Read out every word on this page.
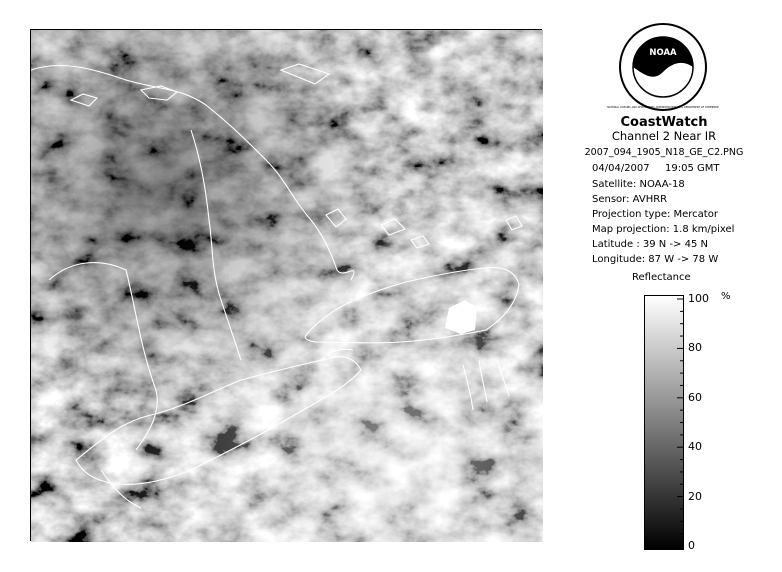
NOAA
NATIONAL OCEANIC AND ATMOSPHERIC ADMINISTRATION · U.S. DEPARTMENT OF COMMERCE
CoastWatch
Channel 2 Near IR
2007_094_1905_N18_GE_C2.PNG
04/04/2007 19:05 GMT
Satellite: NOAA-18
Sensor: AVHRR
Projection type: Mercator
Map projection: 1.8 km/pixel
Latitude : 39 N -> 45 N
Longitude: 87 W -> 78 W
Reflectance
100
80
60
40
20
0
%
